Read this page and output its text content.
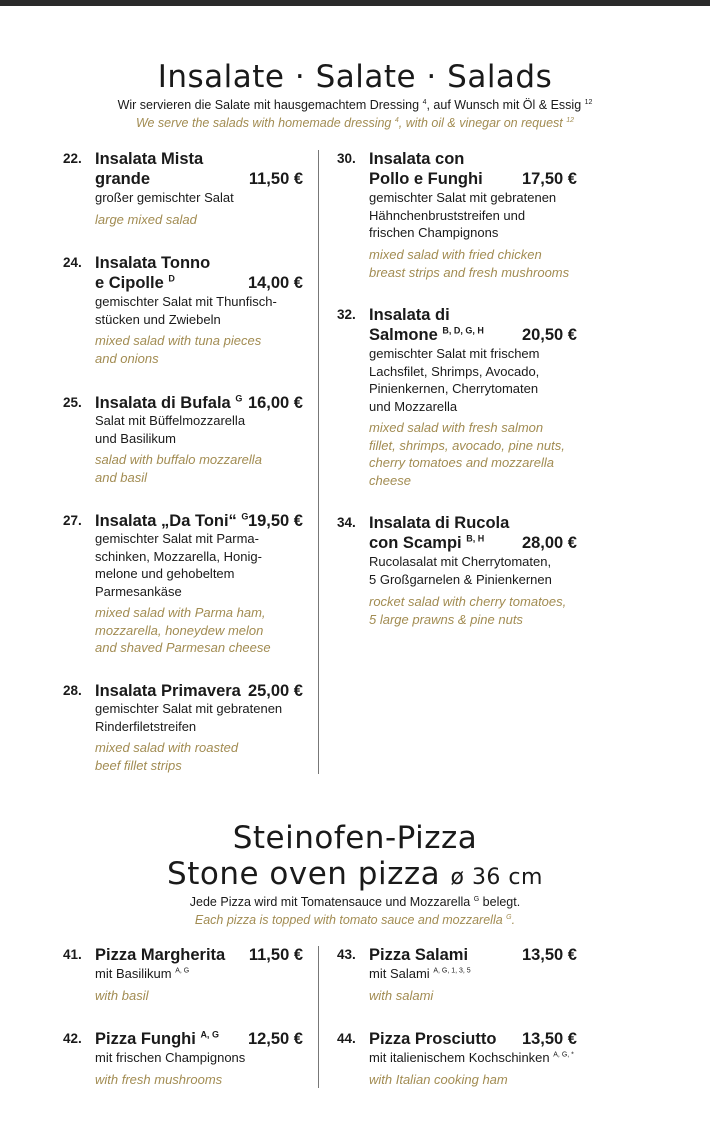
Insalate · Salate · Salads
Wir servieren die Salate mit hausgemachtem Dressing $^4$, auf Wunsch mit Öl & Essig $^{12}$
We serve the salads with homemade dressing $^4$, with oil & vinegar on request $^{12}$
22. Insalata Mista
grande	11,50 €
großer gemischter Salat
large mixed salad
24. Insalata Tonno
e Cipolle $^D$	14,00 €
gemischter Salat mit Thunfisch-
stücken und Zwiebeln
mixed salad with tuna pieces
and onions
25. Insalata di Bufala $^G$ 16,00 €
Salat mit Büffelmozzarella
und Basilikum
salad with buffalo mozzarella
and basil
27. Insalata „Da Toni“ $^G$ 19,50 €
gemischter Salat mit Parma-
schinken, Mozzarella, Honig-
melone und gehobeltem
Parmesankäse
mixed salad with Parma ham,
mozzarella, honeydew melon
and shaved Parmesan cheese
28. Insalata Primavera 25,00 €
gemischter Salat mit gebratenen
Rinderfiletstreifen
mixed salad with roasted
beef fillet strips
30. Insalata con
Pollo e Funghi 17,50 €
gemischter Salat mit gebratenen
Hähnchenbruststreifen und
frischen Champignons
mixed salad with fried chicken
breast strips and fresh mushrooms
32. Insalata di
Salmone $^{B, D, G, H}$ 20,50 €
gemischter Salat mit frischem
Lachsfilet, Shrimps, Avocado,
Pinienkernen, Cherrytomaten
und Mozzarella
mixed salad with fresh salmon
fillet, shrimps, avocado, pine nuts,
cherry tomatoes and mozzarella
cheese
34. Insalata di Rucola
con Scampi $^{B, H}$	28,00 €
Rucolasalat mit Cherrytomaten,
5 Großgarnelen & Pinienkernen
rocket salad with cherry tomatoes,
5 large prawns & pine nuts
Steinofen-Pizza
Stone oven pizza ø 36 cm
Jede Pizza wird mit Tomatensauce und Mozzarella $^G$ belegt.
Each pizza is topped with tomato sauce and mozzarella $^G$.
41. Pizza Margherita 11,50 €
mit Basilikum $^{A, G}$
with basil
42. Pizza Funghi $^{A, G}$ 12,50 €
mit frischen Champignons
with fresh mushrooms
43. Pizza Salami	13,50 €
mit Salami $^{A, G, 1, 3, 5}$
with salami
44. Pizza Prosciutto 13,50 €
mit italienischem Kochschinken $^{A, G, *}$
with Italian cooking ham
